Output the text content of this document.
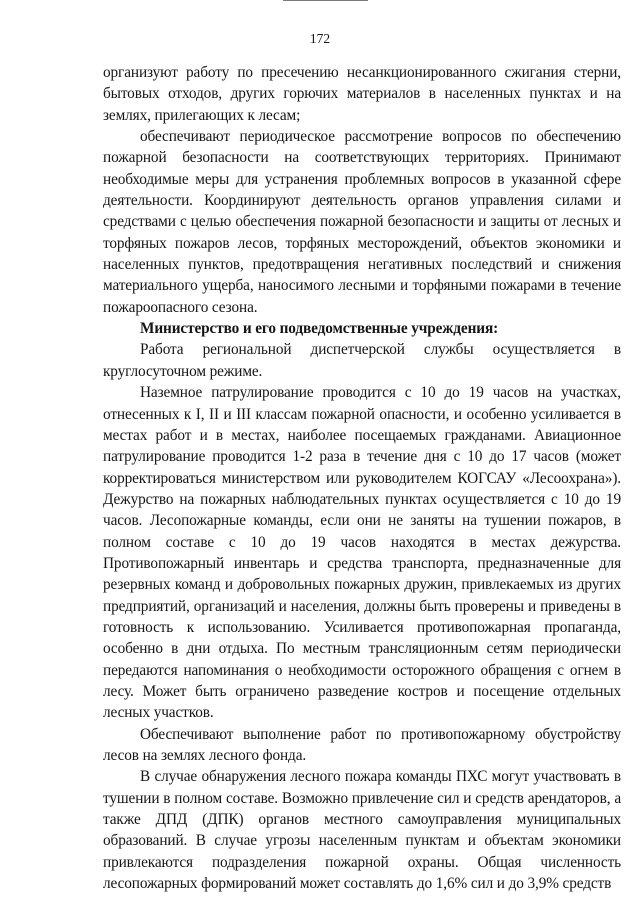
172

организуют работу по пресечению несанкционированного сжигания стерни, бытовых отходов, других горючих материалов в населенных пунктах и на землях, прилегающих к лесам;

обеспечивают периодическое рассмотрение вопросов по обеспечению пожарной безопасности на соответствующих территориях. Принимают необходимые меры для устранения проблемных вопросов в указанной сфере деятельности. Координируют деятельность органов управления силами и средствами с целью обеспечения пожарной безопасности и защиты от лесных и торфяных пожаров лесов, торфяных месторождений, объектов экономики и населенных пунктов, предотвращения негативных последствий и снижения материального ущерба, наносимого лесными и торфяными пожарами в течение пожароопасного сезона.

Министерство и его подведомственные учреждения:

Работа региональной диспетчерской службы осуществляется в круглосуточном режиме.

Наземное патрулирование проводится с 10 до 19 часов на участках, отнесенных к I, II и III классам пожарной опасности, и особенно усиливается в местах работ и в местах, наиболее посещаемых гражданами. Авиационное патрулирование проводится 1-2 раза в течение дня с 10 до 17 часов (может корректироваться министерством или руководителем КОГСАУ «Лесоохрана»). Дежурство на пожарных наблюдательных пунктах осуществляется с 10 до 19 часов. Лесопожарные команды, если они не заняты на тушении пожаров, в полном составе с 10 до 19 часов находятся в местах дежурства. Противопожарный инвентарь и средства транспорта, предназначенные для резервных команд и добровольных пожарных дружин, привлекаемых из других предприятий, организаций и населения, должны быть проверены и приведены в готовность к использованию. Усиливается противопожарная пропаганда, особенно в дни отдыха. По местным трансляционным сетям периодически передаются напоминания о необходимости осторожного обращения с огнем в лесу. Может быть ограничено разведение костров и посещение отдельных лесных участков.

Обеспечивают выполнение работ по противопожарному обустройству лесов на землях лесного фонда.

В случае обнаружения лесного пожара команды ПХС могут участвовать в тушении в полном составе. Возможно привлечение сил и средств арендаторов, а также ДПД (ДПК) органов местного самоуправления муниципальных образований. В случае угрозы населенным пунктам и объектам экономики привлекаются подразделения пожарной охраны. Общая численность лесопожарных формирований может составлять до 1,6% сил и до 3,9% средств
